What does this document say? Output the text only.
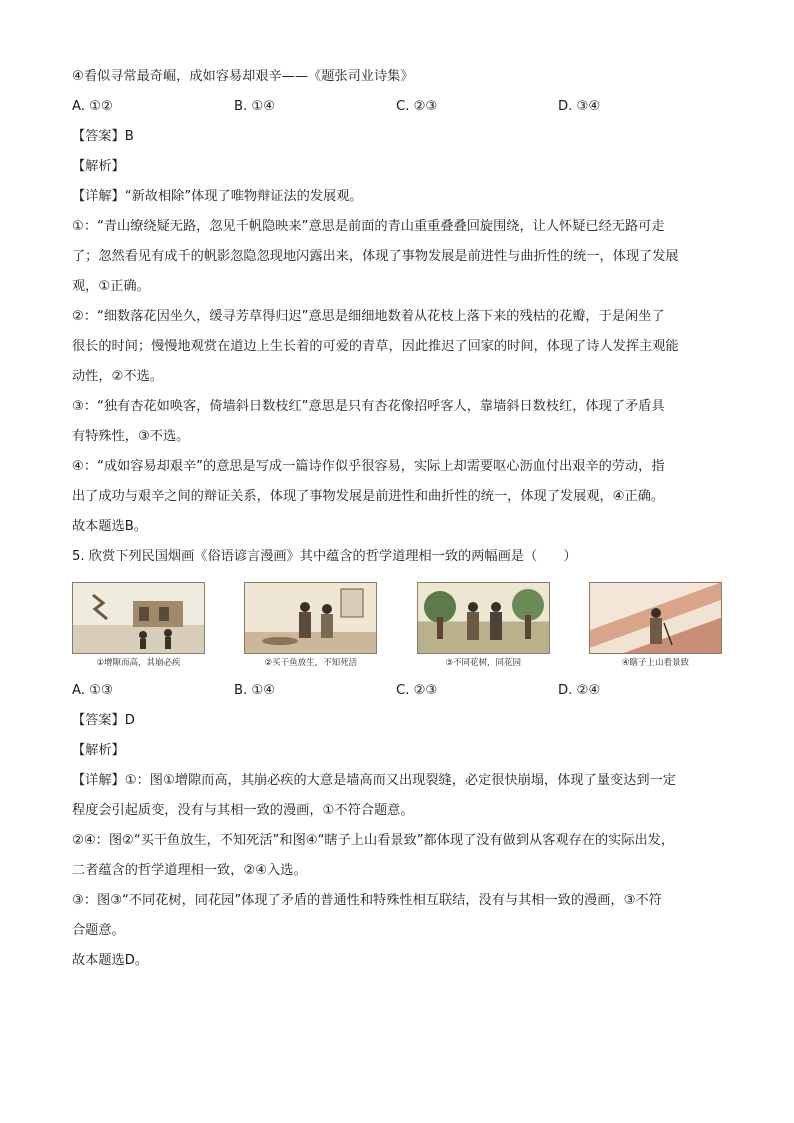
④看似寻常最奇崛，成如容易却艰辛——《题张司业诗集》

A. ①②	B. ①④	C. ②③	D. ③④

【答案】B

【解析】

【详解】“新故相除”体现了唯物辩证法的发展观。

①：“青山缭绕疑无路，忽见千帆隐映来”意思是前面的青山重重叠叠回旋围绕，让人怀疑已经无路可走

了；忽然看见有成千的帆影忽隐忽现地闪露出来，体现了事物发展是前进性与曲折性的统一，体现了发展

观，①正确。

②：“细数落花因坐久，缓寻芳草得归迟”意思是细细地数着从花枝上落下来的残枯的花瓣，于是闲坐了

很长的时间；慢慢地观赏在道边上生长着的可爱的青草，因此推迟了回家的时间，体现了诗人发挥主观能

动性，②不选。

③：“独有杏花如唤客，倚墙斜日数枝红”意思是只有杏花像招呼客人，靠墙斜日数枝红，体现了矛盾具

有特殊性，③不选。

④：“成如容易却艰辛”的意思是写成一篇诗作似乎很容易，实际上却需要呕心沥血付出艰辛的劳动，指

出了成功与艰辛之间的辩证关系，体现了事物发展是前进性和曲折性的统一，体现了发展观，④正确。

故本题选B。

5. 欣赏下列民国烟画《俗语谚言漫画》其中蕴含的哲学道理相一致的两幅画是（　　）

①增隙而高，其崩必疾	②买干鱼放生，不知死活	③不同花树，同花园	④瞎子上山看景致
A. ①③	B. ①④	C. ②③	D. ②④

【答案】D

【解析】

【详解】①：图①增隙而高，其崩必疾的大意是墙高而又出现裂缝，必定很快崩塌，体现了量变达到一定

程度会引起质变，没有与其相一致的漫画，①不符合题意。

②④：图②“买干鱼放生，不知死活”和图④“瞎子上山看景致”都体现了没有做到从客观存在的实际出发，

二者蕴含的哲学道理相一致，②④入选。

③：图③“不同花树，同花园”体现了矛盾的普通性和特殊性相互联结，没有与其相一致的漫画，③不符

合题意。

故本题选D。
